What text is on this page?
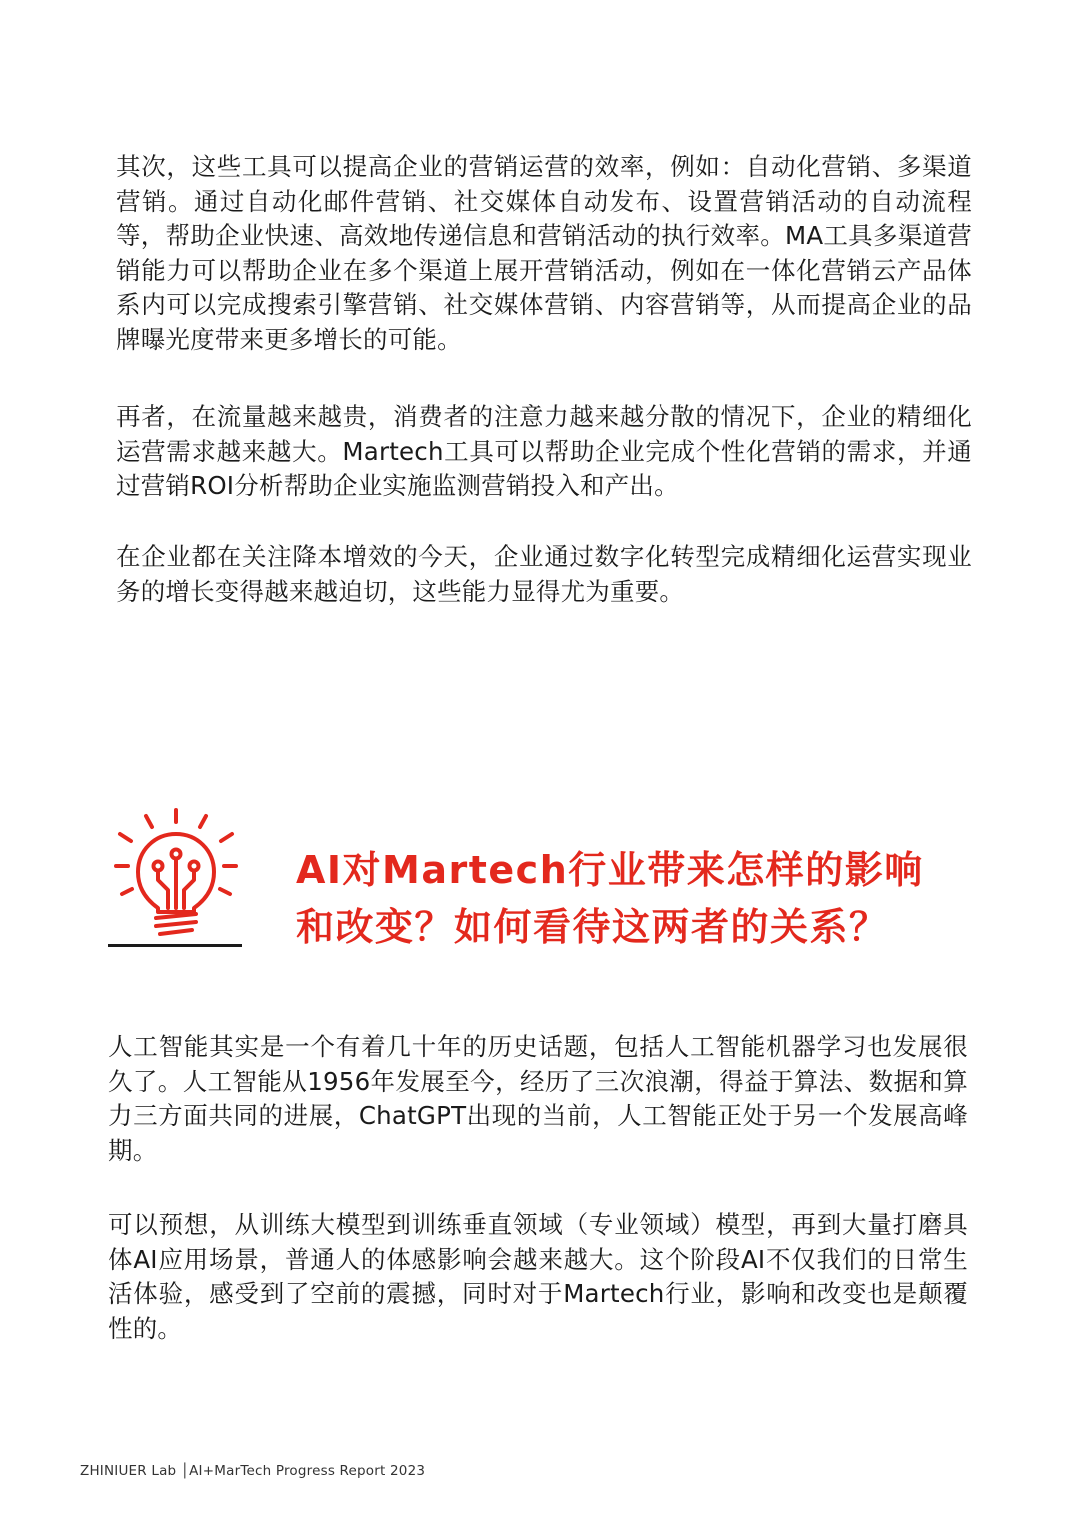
其次，这些工具可以提高企业的营销运营的效率，例如：自动化营销、多渠道营销。通过自动化邮件营销、社交媒体自动发布、设置营销活动的自动流程等，帮助企业快速、高效地传递信息和营销活动的执行效率。MA工具多渠道营销能力可以帮助企业在多个渠道上展开营销活动，例如在一体化营销云产品体系内可以完成搜索引擎营销、社交媒体营销、内容营销等，从而提高企业的品牌曝光度带来更多增长的可能。

再者，在流量越来越贵，消费者的注意力越来越分散的情况下，企业的精细化运营需求越来越大。Martech工具可以帮助企业完成个性化营销的需求，并通过营销ROI分析帮助企业实施监测营销投入和产出。

在企业都在关注降本增效的今天，企业通过数字化转型完成精细化运营实现业务的增长变得越来越迫切，这些能力显得尤为重要。

AI对Martech行业带来怎样的影响
和改变？如何看待这两者的关系？

人工智能其实是一个有着几十年的历史话题，包括人工智能机器学习也发展很久了。人工智能从1956年发展至今，经历了三次浪潮，得益于算法、数据和算力三方面共同的进展，ChatGPT出现的当前，人工智能正处于另一个发展高峰期。

可以预想，从训练大模型到训练垂直领域（专业领域）模型，再到大量打磨具体AI应用场景，普通人的体感影响会越来越大。这个阶段AI不仅我们的日常生活体验，感受到了空前的震撼，同时对于Martech行业，影响和改变也是颠覆性的。

ZHINIUER Lab │AI+MarTech Progress Report 2023
